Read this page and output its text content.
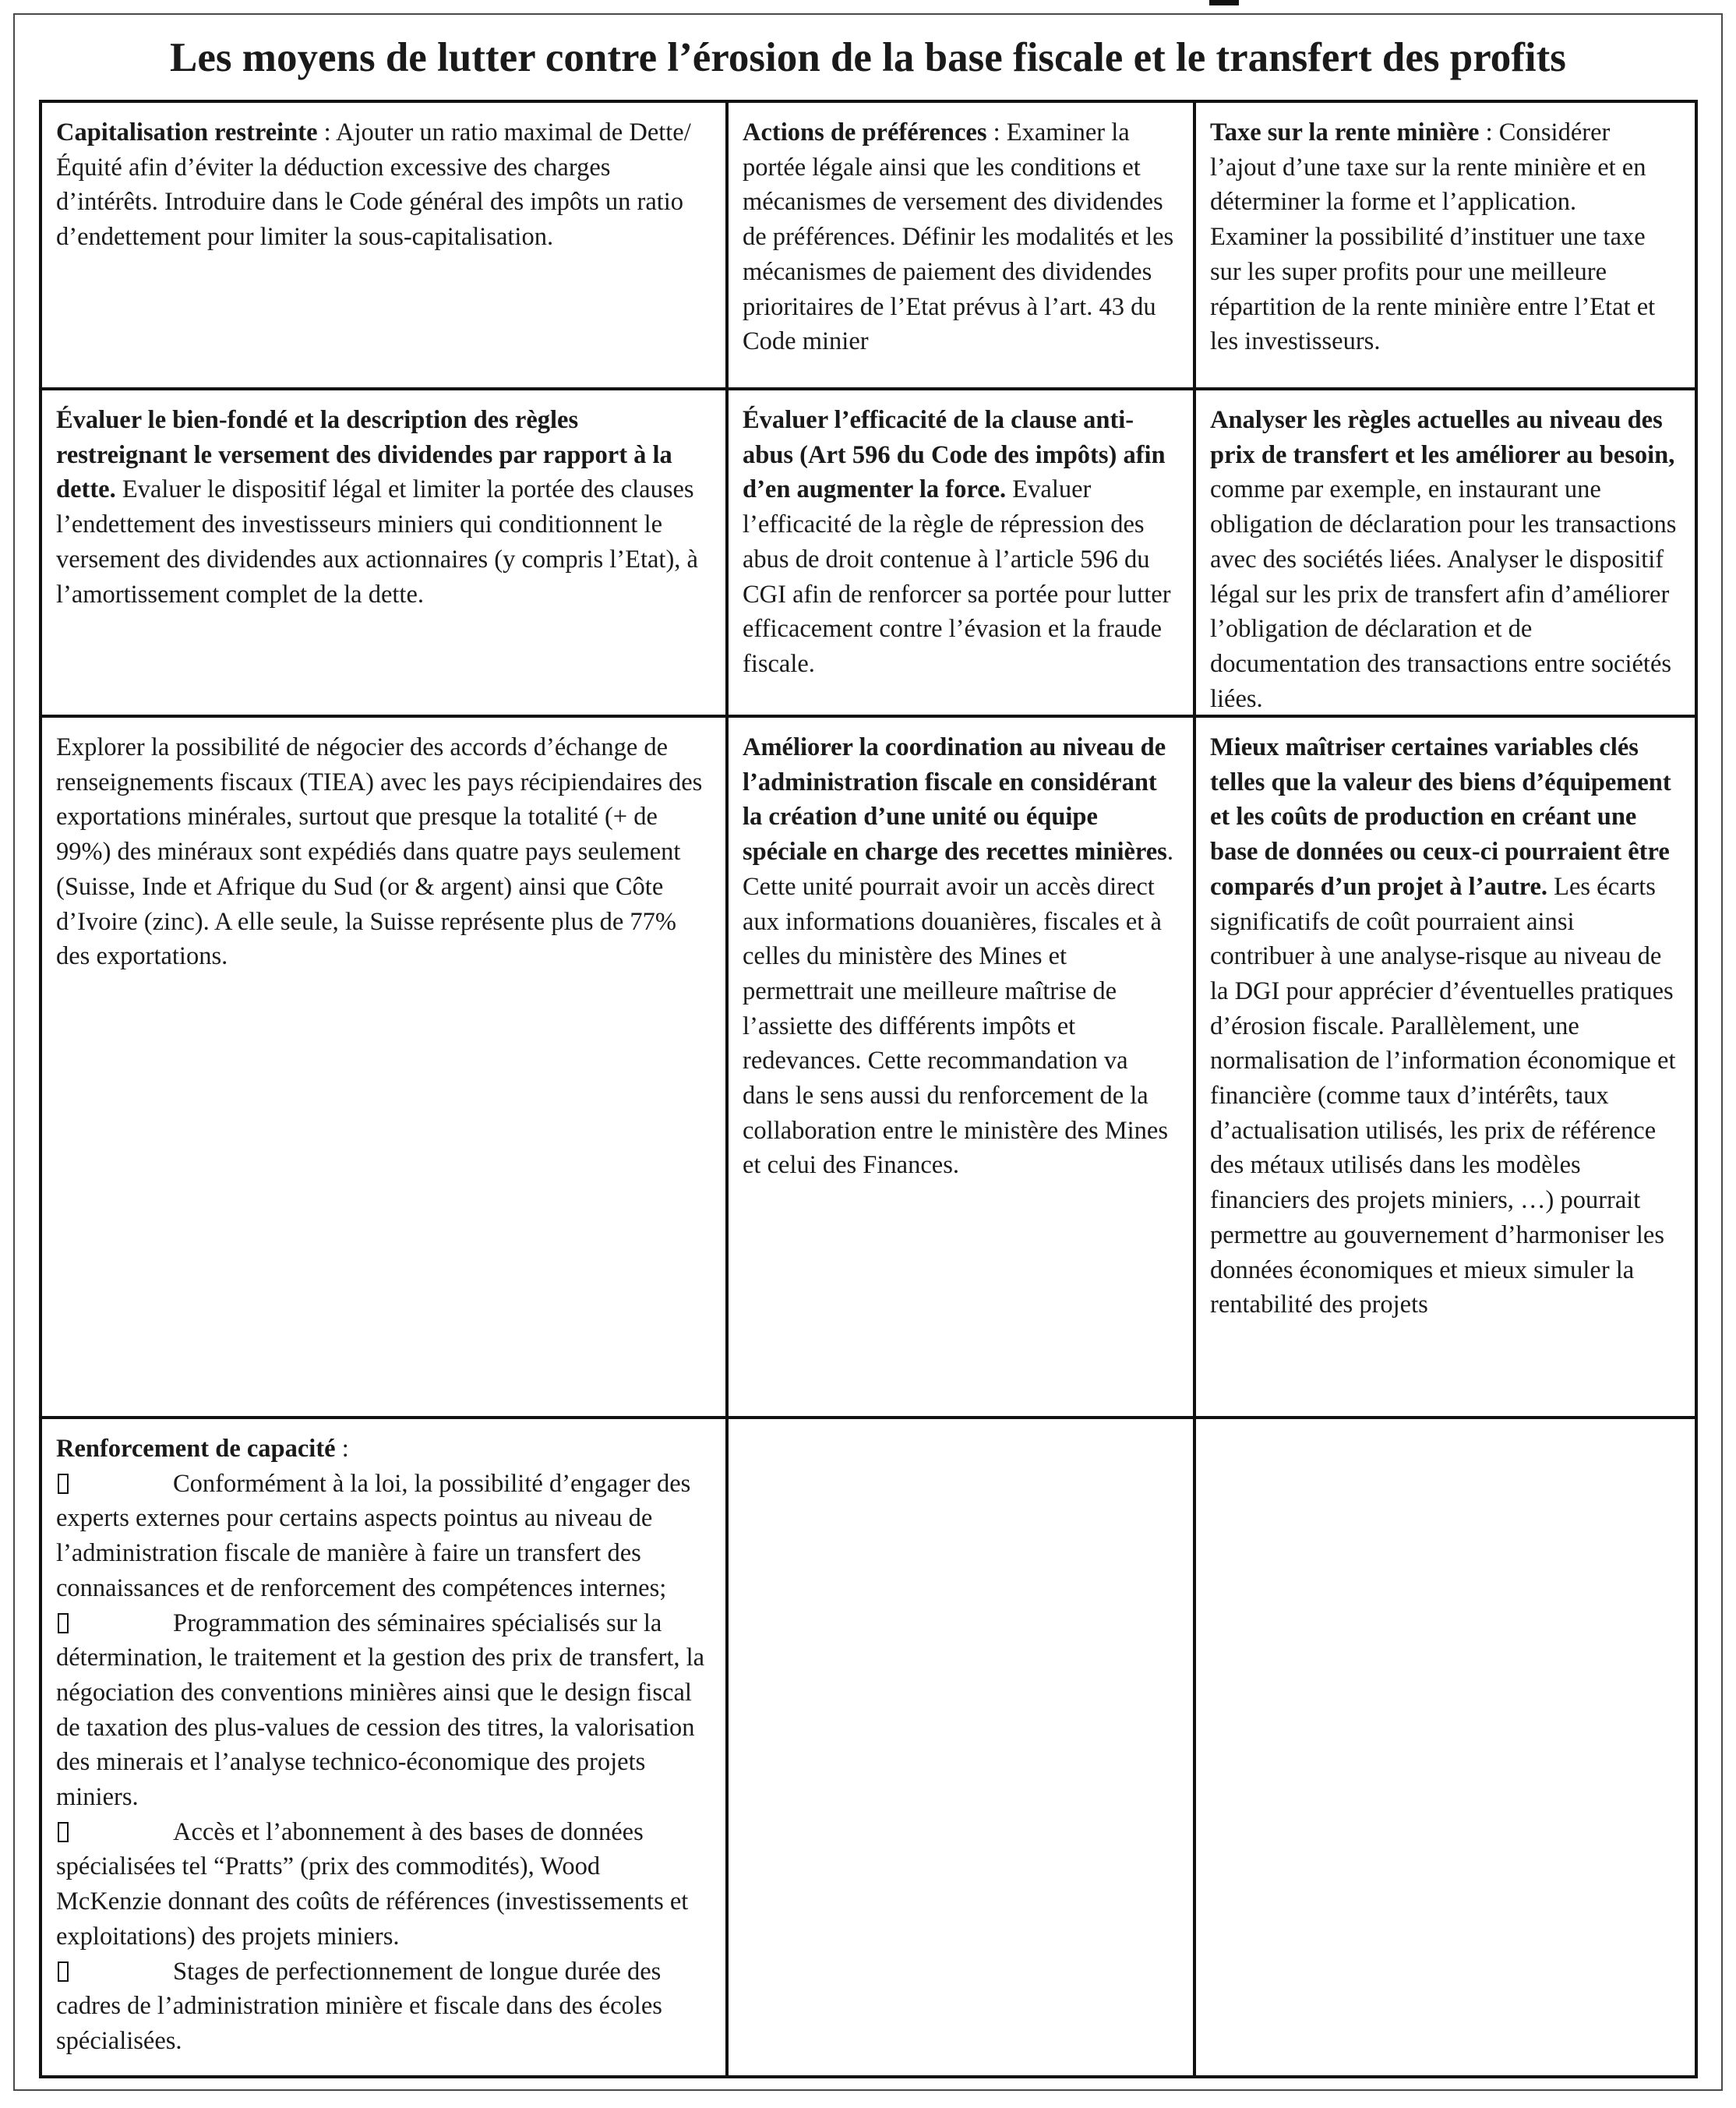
Les moyens de lutter contre l’érosion de la base fiscale et le transfert des profits

Capitalisation restreinte : Ajouter un ratio maximal de Dette/Équité afin d’éviter la déduction excessive des charges d’intérêts. Introduire dans le Code général des impôts un ratio d’endettement pour limiter la sous-capitalisation.

Actions de préférences : Examiner la portée légale ainsi que les conditions et mécanismes de versement des dividendes de préférences. Définir les modalités et les mécanismes de paiement des dividendes prioritaires de l’Etat prévus à l’art. 43 du Code minier

Taxe sur la rente minière : Considérer l’ajout d’une taxe sur la rente minière et en déterminer la forme et l’application. Examiner la possibilité d’instituer une taxe sur les super profits pour une meilleure répartition de la rente minière entre l’Etat et les investisseurs.

Évaluer le bien-fondé et la description des règles restreignant le versement des dividendes par rapport à la dette. Evaluer le dispositif légal et limiter la portée des clauses l’endettement des investisseurs miniers qui conditionnent le versement des dividendes aux actionnaires (y compris l’Etat), à l’amortissement complet de la dette.

Évaluer l’efficacité de la clause anti-abus (Art 596 du Code des impôts) afin d’en augmenter la force. Evaluer l’efficacité de la règle de répression des abus de droit contenue à l’article 596 du CGI afin de renforcer sa portée pour lutter efficacement contre l’évasion et la fraude fiscale.

Analyser les règles actuelles au niveau des prix de transfert et les améliorer au besoin, comme par exemple, en instaurant une obligation de déclaration pour les transactions avec des sociétés liées. Analyser le dispositif légal sur les prix de transfert afin d’améliorer l’obligation de déclaration et de documentation des transactions entre sociétés liées.

Explorer la possibilité de négocier des accords d’échange de renseignements fiscaux (TIEA) avec les pays récipiendaires des exportations minérales, surtout que presque la totalité (+ de 99%) des minéraux sont expédiés dans quatre pays seulement (Suisse, Inde et Afrique du Sud (or & argent) ainsi que Côte d’Ivoire (zinc). A elle seule, la Suisse représente plus de 77% des exportations.

Améliorer la coordination au niveau de l’administration fiscale en considérant la création d’une unité ou équipe spéciale en charge des recettes minières. Cette unité pourrait avoir un accès direct aux informations douanières, fiscales et à celles du ministère des Mines et permettrait une meilleure maîtrise de l’assiette des différents impôts et redevances. Cette recommandation va dans le sens aussi du renforcement de la collaboration entre le ministère des Mines et celui des Finances.

Mieux maîtriser certaines variables clés telles que la valeur des biens d’équipement et les coûts de production en créant une base de données ou ceux-ci pourraient être comparés d’un projet à l’autre. Les écarts significatifs de coût pourraient ainsi contribuer à une analyse-risque au niveau de la DGI pour apprécier d’éventuelles pratiques d’érosion fiscale. Parallèlement, une normalisation de l’information économique et financière (comme taux d’intérêts, taux d’actualisation utilisés, les prix de référence des métaux utilisés dans les modèles financiers des projets miniers, …) pourrait permettre au gouvernement d’harmoniser les données économiques et mieux simuler la rentabilité des projets

Renforcement de capacité :

Conformément à la loi, la possibilité d’engager des experts externes pour certains aspects pointus au niveau de l’administration fiscale de manière à faire un transfert des connaissances et de renforcement des compétences internes;

Programmation des séminaires spécialisés sur la détermination, le traitement et la gestion des prix de transfert, la négociation des conventions minières ainsi que le design fiscal de taxation des plus-values de cession des titres, la valorisation des minerais et l’analyse technico-économique des projets miniers.

Accès et l’abonnement à des bases de données spécialisées tel “Pratts” (prix des commodités), Wood McKenzie donnant des coûts de références (investissements et exploitations) des projets miniers.

Stages de perfectionnement de longue durée des cadres de l’administration minière et fiscale dans des écoles spécialisées.
